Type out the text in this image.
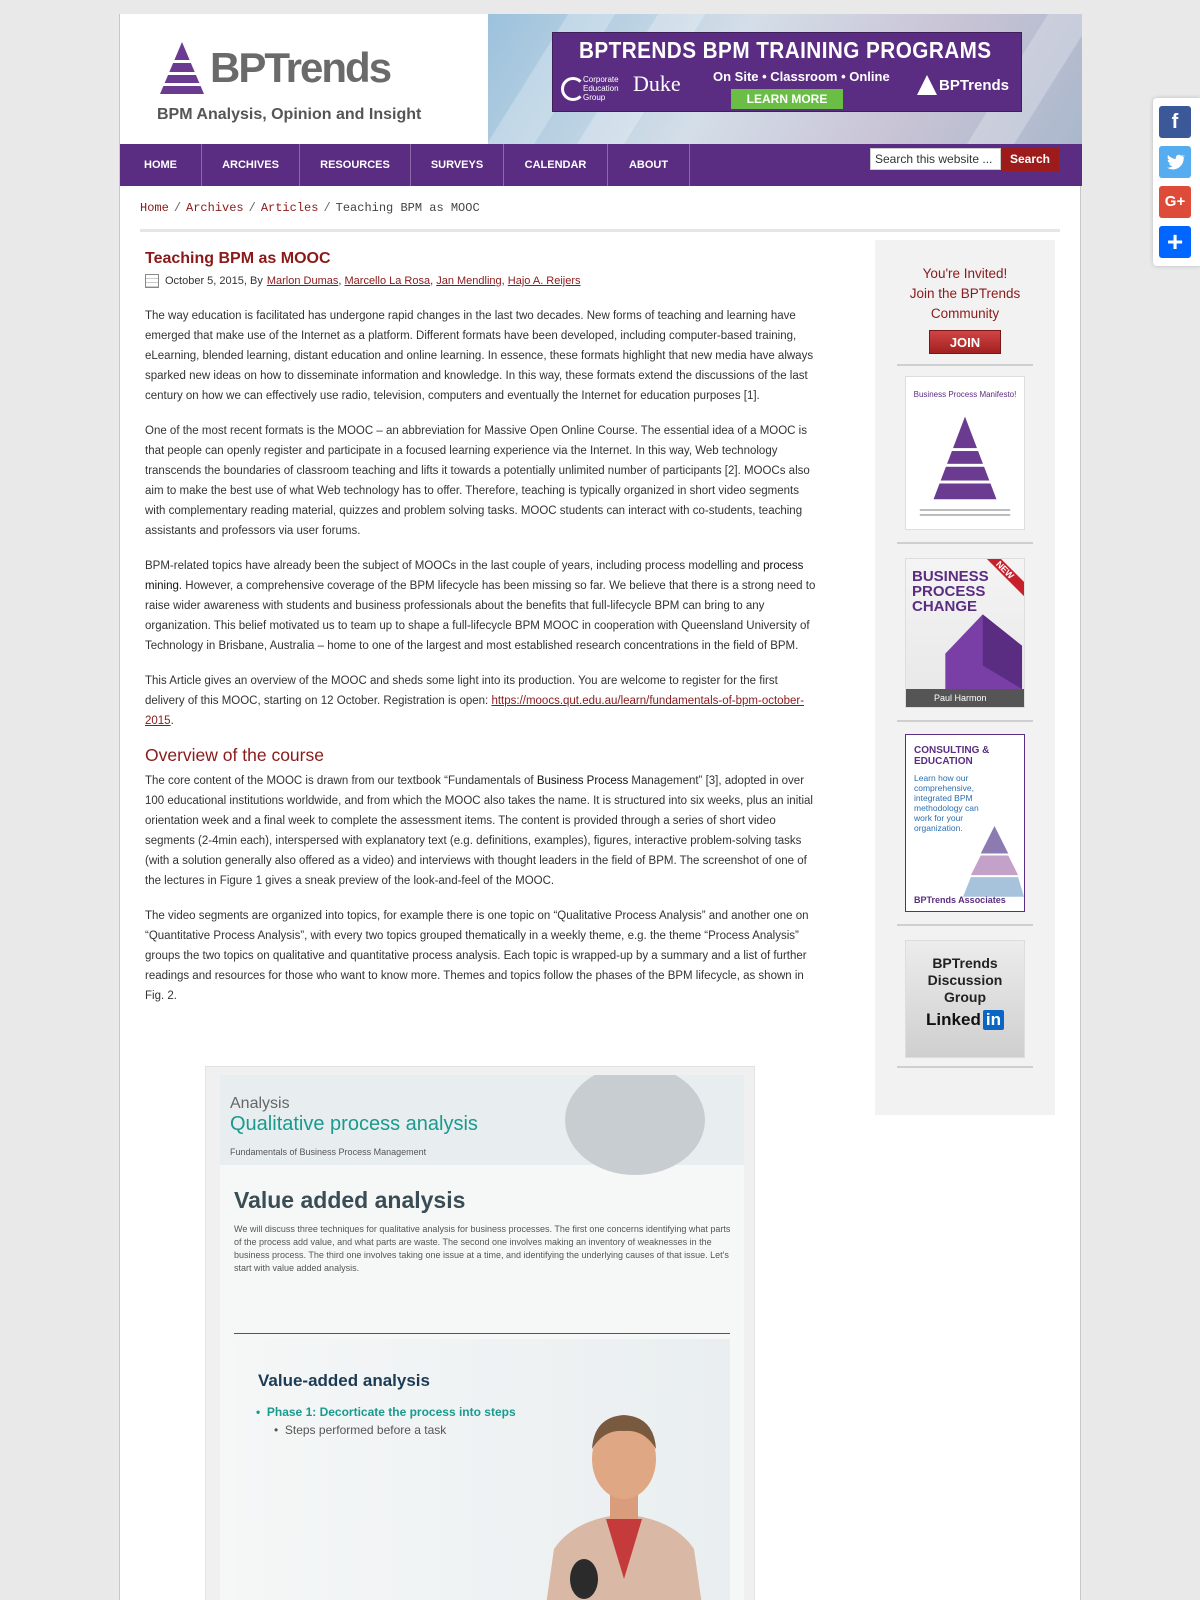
BPTrends
BPM Analysis, Opinion and Insight
BPTRENDS BPM TRAINING PROGRAMS
Corporate Education Group
Duke On Site • Classroom • Online
LEARN MORE
BPTrends
HOME	ARCHIVES	RESOURCES	SURVEYS	CALENDAR	ABOUT
Search this website ...	Search
Home / Archives / Articles / Teaching BPM as MOOC
Teaching BPM as MOOC
October 5, 2015 , By Marlon Dumas , Marcello La Rosa , Jan Mendling , Hajo A. Reijers

The way education is facilitated has undergone rapid changes in the last two decades. New forms of teaching and learning have emerged that make use of the Internet as a platform. Different formats have been developed, including computer-based training, eLearning, blended learning, distant education and online learning. In essence, these formats highlight that new media have always sparked new ideas on how to disseminate information and knowledge. In this way, these formats extend the discussions of the last century on how we can effectively use radio, television, computers and eventually the Internet for education purposes [1].

One of the most recent formats is the MOOC – an abbreviation for Massive Open Online Course. The essential idea of a MOOC is that people can openly register and participate in a focused learning experience via the Internet. In this way, Web technology transcends the boundaries of classroom teaching and lifts it towards a potentially unlimited number of participants [2]. MOOCs also aim to make the best use of what Web technology has to offer. Therefore, teaching is typically organized in short video segments with complementary reading material, quizzes and problem solving tasks. MOOC students can interact with co-students, teaching assistants and professors via user forums.

BPM-related topics have already been the subject of MOOCs in the last couple of years, including process modelling and process mining. However, a comprehensive coverage of the BPM lifecycle has been missing so far. We believe that there is a strong need to raise wider awareness with students and business professionals about the benefits that full-lifecycle BPM can bring to any organization. This belief motivated us to team up to shape a full-lifecycle BPM MOOC in cooperation with Queensland University of Technology in Brisbane, Australia – home to one of the largest and most established research concentrations in the field of BPM.

This Article gives an overview of the MOOC and sheds some light into its production. You are welcome to register for the first delivery of this MOOC, starting on 12 October. Registration is open: https://moocs.qut.edu.au/learn/fundamentals-of-bpm-october-2015.

Overview of the course

The core content of the MOOC is drawn from our textbook “Fundamentals of Business Process Management” [3], adopted in over 100 educational institutions worldwide, and from which the MOOC also takes the name. It is structured into six weeks, plus an initial orientation week and a final week to complete the assessment items. The content is provided through a series of short video segments (2-4min each), interspersed with explanatory text (e.g. definitions, examples), figures, interactive problem-solving tasks (with a solution generally also offered as a video) and interviews with thought leaders in the field of BPM. The screenshot of one of the lectures in Figure 1 gives a sneak preview of the look-and-feel of the MOOC.

The video segments are organized into topics, for example there is one topic on “Qualitative Process Analysis” and another one on “Quantitative Process Analysis”, with every two topics grouped thematically in a weekly theme, e.g. the theme “Process Analysis” groups the two topics on qualitative and quantitative process analysis. Each topic is wrapped-up by a summary and a list of further readings and resources for those who want to know more. Themes and topics follow the phases of the BPM lifecycle, as shown in Fig. 2.

Analysis
Qualitative process analysis
Fundamentals of Business Process Management
Value added analysis
We will discuss three techniques for qualitative analysis for business processes. The first one concerns identifying what parts of the process add value, and what parts are waste. The second one involves making an inventory of weaknesses in the business process. The third one involves taking one issue at a time, and identifying the underlying causes of that issue. Let's start with value added analysis.
Value-added analysis
•  Phase 1: Decorticate the process into steps
•  Steps performed before a task
You're Invited!
Join the BPTrends
Community
JOIN
Business Process Manifesto!
BUSINESS PROCESS CHANGE
NEW
Paul Harmon
CONSULTING & EDUCATION
Learn how our comprehensive, integrated BPM methodology can work for your organization.
BPTrends Associates
BPTrends
Discussion
Group
Linked in
f
G+
+
